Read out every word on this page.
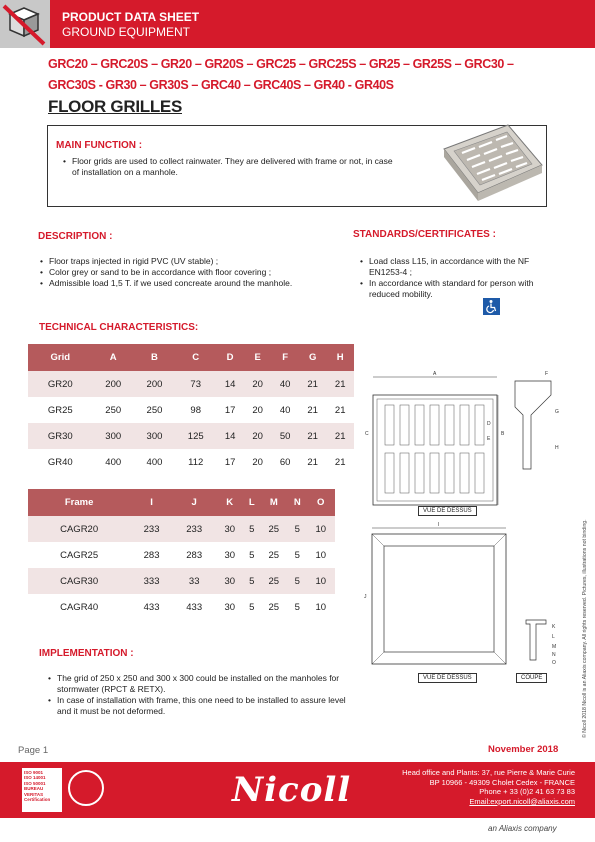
PRODUCT DATA SHEET
GROUND EQUIPMENT
GRC20 – GRC20S – GR20 – GR20S – GRC25 – GRC25S – GR25 – GR25S – GRC30 –
GRC30S - GR30 – GR30S – GRC40 – GRC40S – GR40 - GR40S
FLOOR GRILLES
MAIN FUNCTION :
• Floor grids are used to collect rainwater. They are delivered with frame or not, in case of installation on a manhole.
DESCRIPTION :
• Floor traps injected in rigid PVC (UV stable) ;
• Color grey or sand to be in accordance with floor covering ;
• Admissible load 1,5 T. if we used concreate around the manhole.
STANDARDS/CERTIFICATES :
• Load class L15, in accordance with the NF EN1253-4 ;
• In accordance with standard for person with reduced mobility.
TECHNICAL CHARACTERISTICS:
Grid	A	B	C	D	E	F	G	H
GR20	200	200	73	14	20	40	21	21
GR25	250	250	98	17	20	40	21	21
GR30	300	300	125	14	20	50	21	21
GR40	400	400	112	17	20	60	21	21
Frame	I	J	K	L	M	N	O
CAGR20	233	233	30	5	25	5	10
CAGR25	283	283	30	5	25	5	10
CAGR30	333	33	30	5	25	5	10
CAGR40	433	433	30	5	25	5	10
A
C	B
D
E
F
G
H
VUE DE DESSUS
I
J
K
L
M
N
O
VUE DE DESSUS	COUPE
IMPLEMENTATION :
• The grid of 250 x 250 and 300 x 300 could be installed on the manholes for stormwater (RPCT & RETX).
• In case of installation with frame, this one need to be installed to assure level and it must be not deformed.	© Nicoll 2018 Nicoll is an Aliaxis company. All rights reserved. Pictures, illustrations not binding.
Page 1	November 2018
ISO 9001
ISO 14001
ISO 50001
BUREAU VERITAS
Certification	Nicoll	Head office and Plants: 37, rue Pierre & Marie Curie
BP 10966 - 49309 Cholet Cedex - FRANCE
Phone + 33 (0)2 41 63 73 83
Email:export.nicoll@aliaxis.com
an Aliaxis company
